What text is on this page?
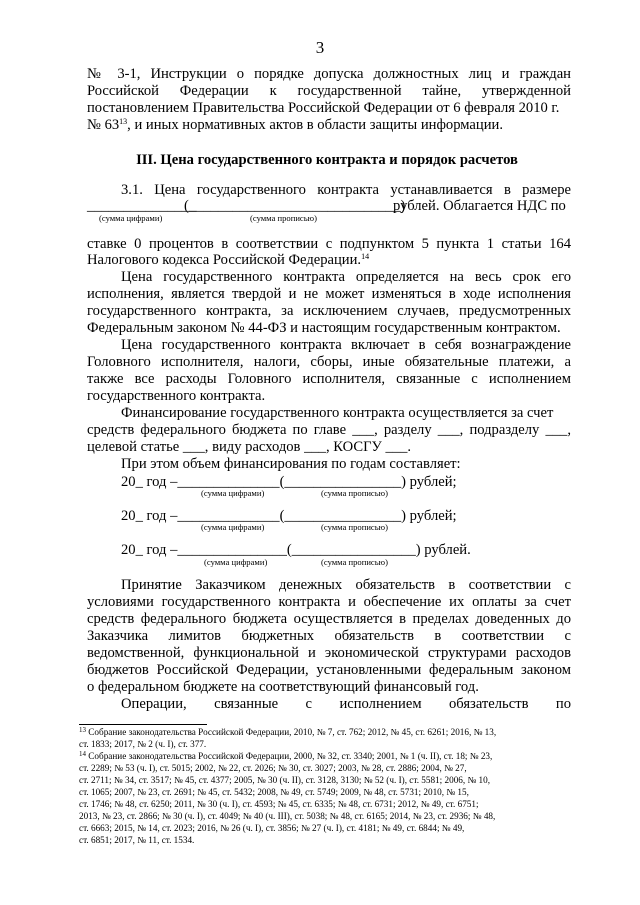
3
№ 3-1, Инструкции о порядке допуска должностных лиц и граждан
Российской Федерации к государственной тайне, утвержденной
постановлением Правительства Российской Федерации от 6 февраля 2010 г.
№ $63^{13}$, и иных нормативных актов в области защиты информации.
III. Цена государственного контракта и порядок расчетов
3.1. Цена государственного контракта устанавливается в размере
_______________
(_____________________________)
рублей. Облагается НДС по
(сумма цифрами)	(сумма прописью)
ставке 0 процентов в соответствии с подпунктом 5 пункта 1 статьи 164
Налогового кодекса Российской Федерации.$^{14}$
Цена государственного контракта определяется на весь срок его
исполнения, является твердой и не может изменяться в ходе исполнения
государственного контракта, за исключением случаев, предусмотренных
Федеральным законом № 44-ФЗ и настоящим государственным контрактом.
Цена государственного контракта включает в себя вознаграждение
Головного исполнителя, налоги, сборы, иные обязательные платежи, а
также все расходы Головного исполнителя, связанные с исполнением
государственного контракта.
Финансирование государственного контракта осуществляется за счет
средств федерального бюджета по главе ___, разделу ___, подразделу ___,
целевой статье ___, виду расходов ___, КОСГУ ___.
При этом объем финансирования по годам составляет:
20_ год –______________(________________) рублей;
(сумма цифрами)	(сумма прописью)
20_ год –______________(________________) рублей;
(сумма цифрами)	(сумма прописью)
20_ год –_______________(_________________) рублей.
(сумма цифрами)	(сумма прописью)
Принятие Заказчиком денежных обязательств в соответствии с
условиями государственного контракта и обеспечение их оплаты за счет
средств федерального бюджета осуществляется в пределах доведенных до
Заказчика лимитов бюджетных обязательств в соответствии с
ведомственной, функциональной и экономической структурами расходов
бюджетов Российской Федерации, установленными федеральным законом
о федеральном бюджете на соответствующий финансовый год.
Операции, связанные с исполнением обязательств по
$^{13}$ Собрание законодательства Российской Федерации, 2010, № 7, ст. 762; 2012, № 45, ст. 6261; 2016, № 13,
ст. 1833; 2017, № 2 (ч. I), ст. 377.
$^{14}$ Собрание законодательства Российской Федерации, 2000, № 32, ст. 3340; 2001, № 1 (ч. II), ст. 18; № 23,
ст. 2289; № 53 (ч. I), ст. 5015; 2002, № 22, ст. 2026; № 30, ст. 3027; 2003, № 28, ст. 2886; 2004, № 27,
ст. 2711; № 34, ст. 3517; № 45, ст. 4377; 2005, № 30 (ч. II), ст. 3128, 3130; № 52 (ч. I), ст. 5581; 2006, № 10,
ст. 1065; 2007, № 23, ст. 2691; № 45, ст. 5432; 2008, № 49, ст. 5749; 2009, № 48, ст. 5731; 2010, № 15,
ст. 1746; № 48, ст. 6250; 2011, № 30 (ч. I), ст. 4593; № 45, ст. 6335; № 48, ст. 6731; 2012, № 49, ст. 6751;
2013, № 23, ст. 2866; № 30 (ч. I), ст. 4049; № 40 (ч. III), ст. 5038; № 48, ст. 6165; 2014, № 23, ст. 2936; № 48,
ст. 6663; 2015, № 14, ст. 2023; 2016, № 26 (ч. I), ст. 3856; № 27 (ч. I), ст. 4181; № 49, ст. 6844; № 49,
ст. 6851; 2017, № 11, ст. 1534.
